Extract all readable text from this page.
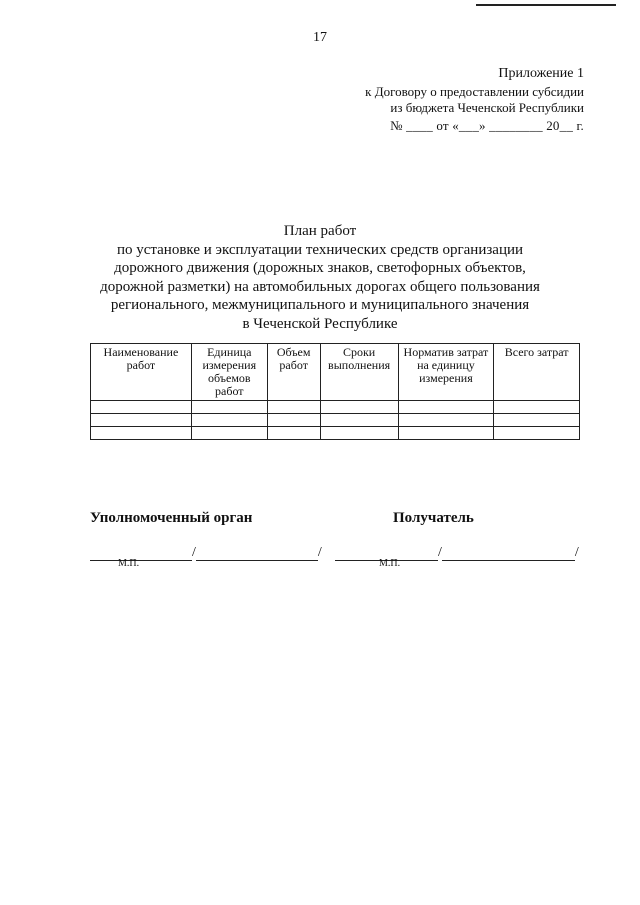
17
Приложение 1
к Договору о предоставлении субсидии
из бюджета Чеченской Республики
№ ____ от «___» ________ 20__ г.
План работ
по установке и эксплуатации технических средств организации
дорожного движения (дорожных знаков, светофорных объектов,
дорожной разметки) на автомобильных дорогах общего пользования
регионального, межмуниципального и муниципального значения
в Чеченской Республике
Наименование работ	Единица измерения объемов работ	Объем работ	Сроки выполнения	Норматив затрат на единицу измерения	Всего затрат

Уполномоченный орган	Получатель
/	/	/	/
М.П.	М.П.
